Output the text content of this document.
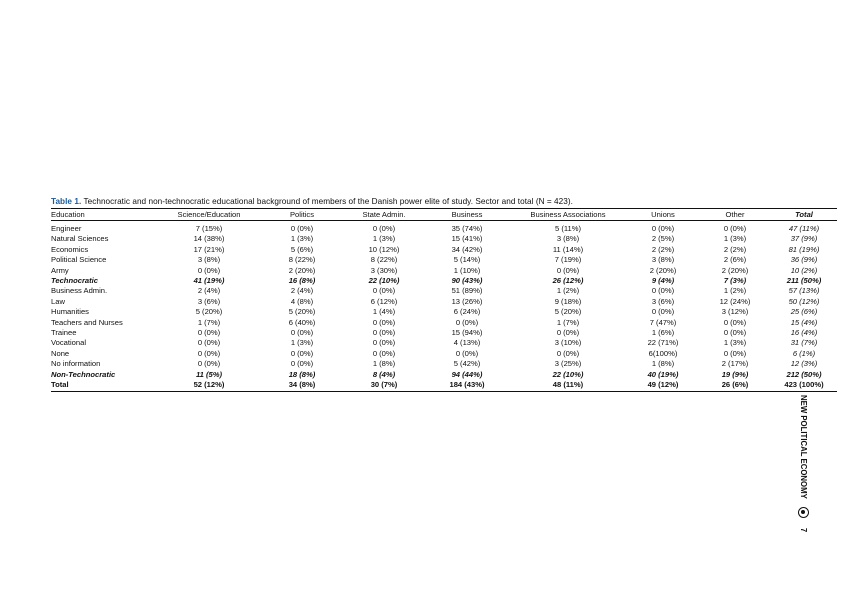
Table 1. Technocratic and non-technocratic educational background of members of the Danish power elite of study. Sector and total (N = 423).
Education	Science/Education	Politics	State Admin.	Business	Business Associations	Unions	Other	Total
Engineer	7 (15%)	0 (0%)	0 (0%)	35 (74%)	5 (11%)	0 (0%)	0 (0%)	47 (11%)
Natural Sciences	14 (38%)	1 (3%)	1 (3%)	15 (41%)	3 (8%)	2 (5%)	1 (3%)	37 (9%)
Economics	17 (21%)	5 (6%)	10 (12%)	34 (42%)	11 (14%)	2 (2%)	2 (2%)	81 (19%)
Political Science	3 (8%)	8 (22%)	8 (22%)	5 (14%)	7 (19%)	3 (8%)	2 (6%)	36 (9%)
Army	0 (0%)	2 (20%)	3 (30%)	1 (10%)	0 (0%)	2 (20%)	2 (20%)	10 (2%)
Technocratic	41 (19%)	16 (8%)	22 (10%)	90 (43%)	26 (12%)	9 (4%)	7 (3%)	211 (50%)
Business Admin.	2 (4%)	2 (4%)	0 (0%)	51 (89%)	1 (2%)	0 (0%)	1 (2%)	57 (13%)
Law	3 (6%)	4 (8%)	6 (12%)	13 (26%)	9 (18%)	3 (6%)	12 (24%)	50 (12%)
Humanities	5 (20%)	5 (20%)	1 (4%)	6 (24%)	5 (20%)	0 (0%)	3 (12%)	25 (6%)
Teachers and Nurses	1 (7%)	6 (40%)	0 (0%)	0 (0%)	1 (7%)	7 (47%)	0 (0%)	15 (4%)
Trainee	0 (0%)	0 (0%)	0 (0%)	15 (94%)	0 (0%)	1 (6%)	0 (0%)	16 (4%)
Vocational	0 (0%)	1 (3%)	0 (0%)	4 (13%)	3 (10%)	22 (71%)	1 (3%)	31 (7%)
None	0 (0%)	0 (0%)	0 (0%)	0 (0%)	0 (0%)	6(100%)	0 (0%)	6 (1%)
No information	0 (0%)	0 (0%)	1 (8%)	5 (42%)	3 (25%)	1 (8%)	2 (17%)	12 (3%)
Non-Technocratic	11 (5%)	18 (8%)	8 (4%)	94 (44%)	22 (10%)	40 (19%)	19 (9%)	212 (50%)
Total	52 (12%)	34 (8%)	30 (7%)	184 (43%)	48 (11%)	49 (12%)	26 (6%)	423 (100%)
NEW POLITICAL ECONOMY
7
